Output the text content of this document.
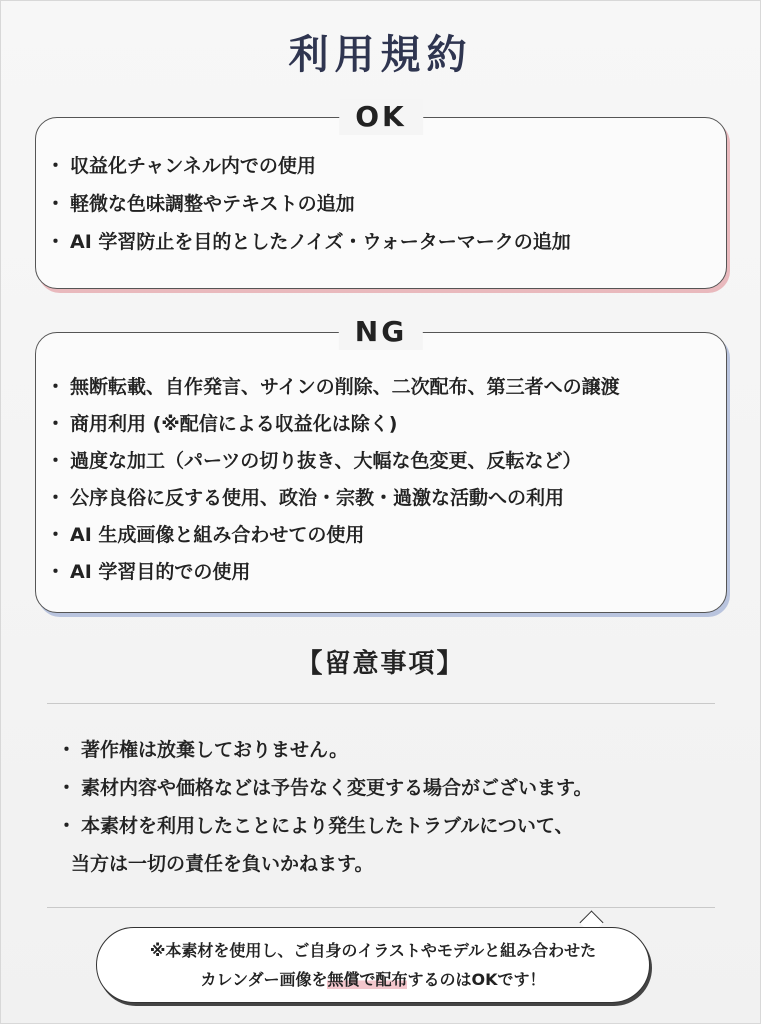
利用規約
OK
・ 収益化チャンネル内での使用
・ 軽微な色味調整やテキストの追加
・ AI 学習防止を目的としたノイズ・ウォーターマークの追加
NG
・ 無断転載、自作発言、サインの削除、二次配布、第三者への譲渡
・ 商用利用 (※配信による収益化は除く)
・ 過度な加工（パーツの切り抜き、大幅な色変更、反転など）
・ 公序良俗に反する使用、政治・宗教・過激な活動への利用
・ AI 生成画像と組み合わせての使用
・ AI 学習目的での使用
【留意事項】
・ 著作権は放棄しておりません。
・ 素材内容や価格などは予告なく変更する場合がございます。
・ 本素材を利用したことにより発生したトラブルについて、
当方は一切の責任を負いかねます。
※本素材を使用し、ご自身のイラストやモデルと組み合わせた
カレンダー画像を無償で配布するのはOKです！
